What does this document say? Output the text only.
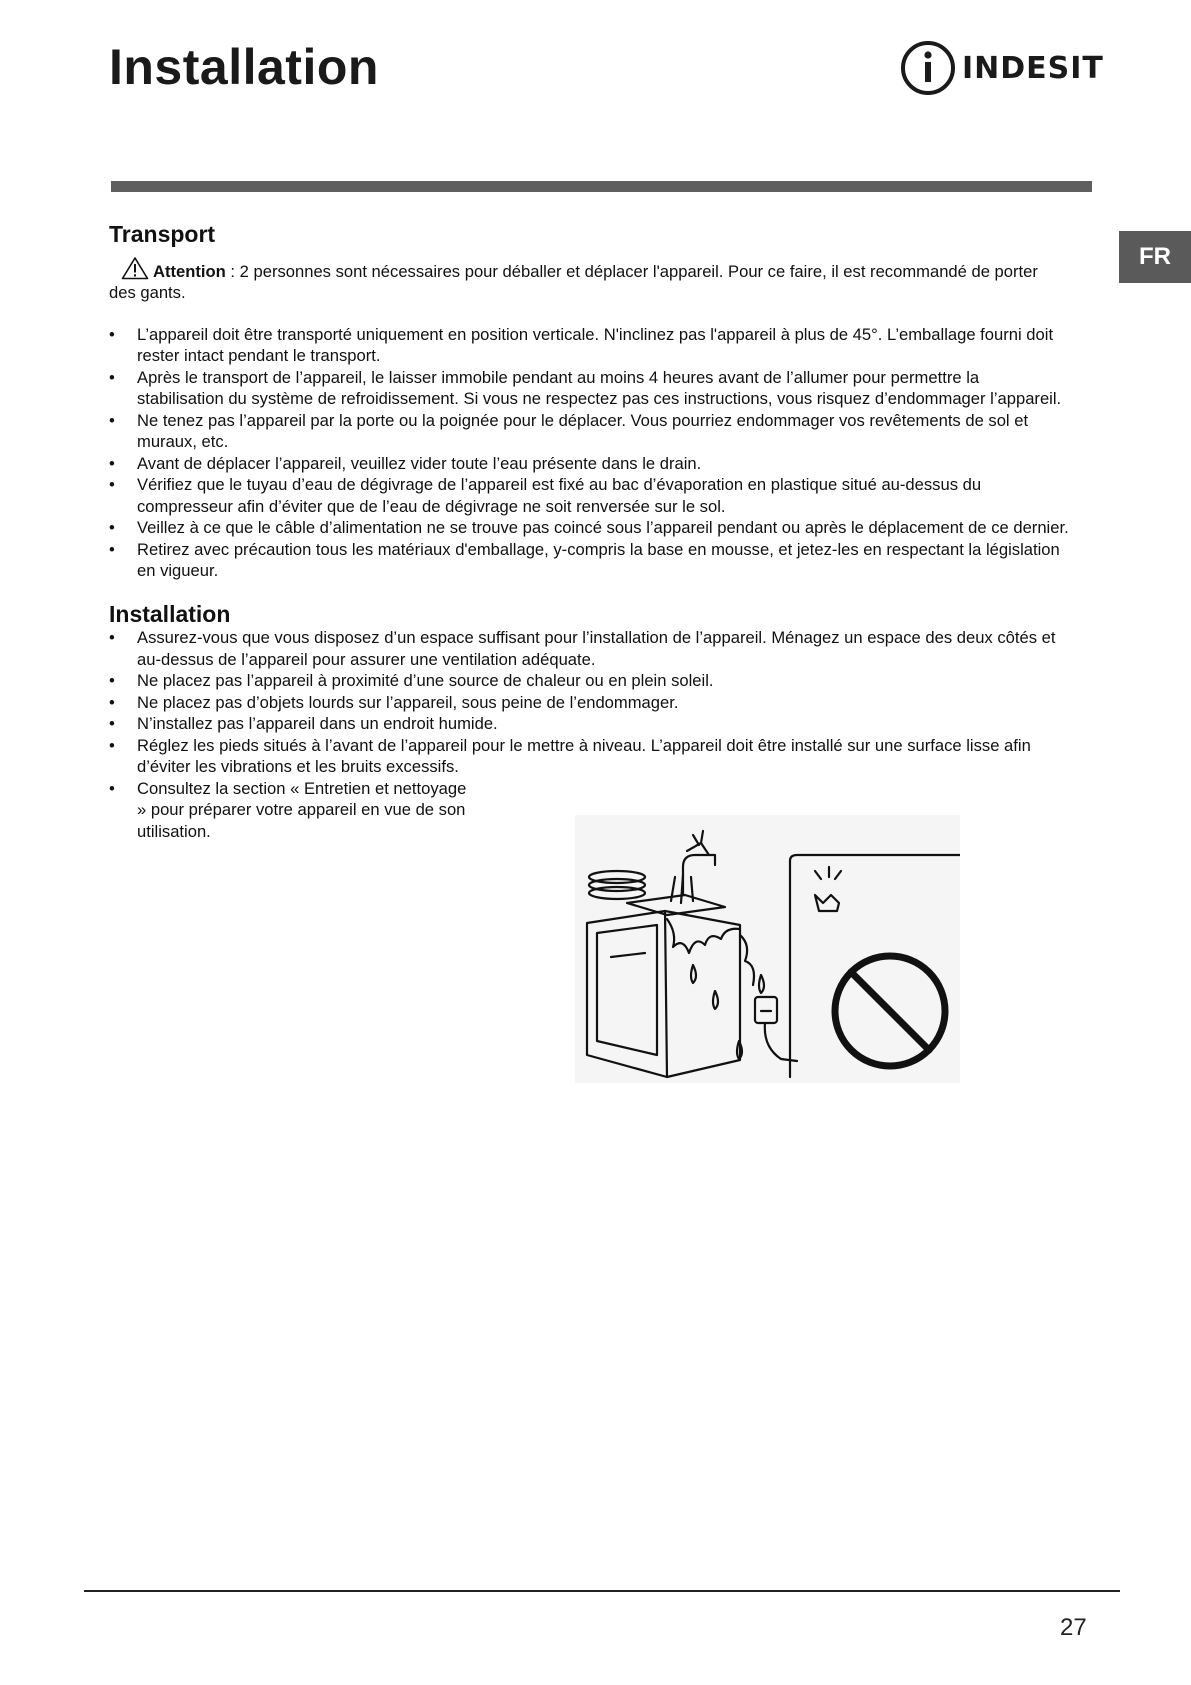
Installation	INDESIT
FR
Transport

Attention : 2 personnes sont nécessaires pour déballer et déplacer l'appareil. Pour ce faire, il est recommandé de porter des gants.

• L’appareil doit être transporté uniquement en position verticale. N'inclinez pas l'appareil à plus de 45°. L’emballage fourni doit rester intact pendant le transport.
• Après le transport de l’appareil, le laisser immobile pendant au moins 4 heures avant de l’allumer pour permettre la stabilisation du système de refroidissement. Si vous ne respectez pas ces instructions, vous risquez d’endommager l’appareil.
• Ne tenez pas l’appareil par la porte ou la poignée pour le déplacer. Vous pourriez endommager vos revêtements de sol et muraux, etc.
• Avant de déplacer l’appareil, veuillez vider toute l’eau présente dans le drain.
• Vérifiez que le tuyau d’eau de dégivrage de l’appareil est fixé au bac d’évaporation en plastique situé au-dessus du compresseur afin d’éviter que de l’eau de dégivrage ne soit renversée sur le sol.
• Veillez à ce que le câble d’alimentation ne se trouve pas coincé sous l’appareil pendant ou après le déplacement de ce dernier.
• Retirez avec précaution tous les matériaux d'emballage, y-compris la base en mousse, et jetez-les en respectant la législation en vigueur.
Installation
• Assurez-vous que vous disposez d’un espace suffisant pour l’installation de l’appareil. Ménagez un espace des deux côtés et au-dessus de l’appareil pour assurer une ventilation adéquate.
• Ne placez pas l’appareil à proximité d’une source de chaleur ou en plein soleil.
• Ne placez pas d’objets lourds sur l’appareil, sous peine de l’endommager.
• N’installez pas l’appareil dans un endroit humide.
• Réglez les pieds situés à l’avant de l’appareil pour le mettre à niveau. L’appareil doit être installé sur une surface lisse afin d’éviter les vibrations et les bruits excessifs.
• Consultez la section « Entretien et nettoyage » pour préparer votre appareil en vue de son utilisation.
27
